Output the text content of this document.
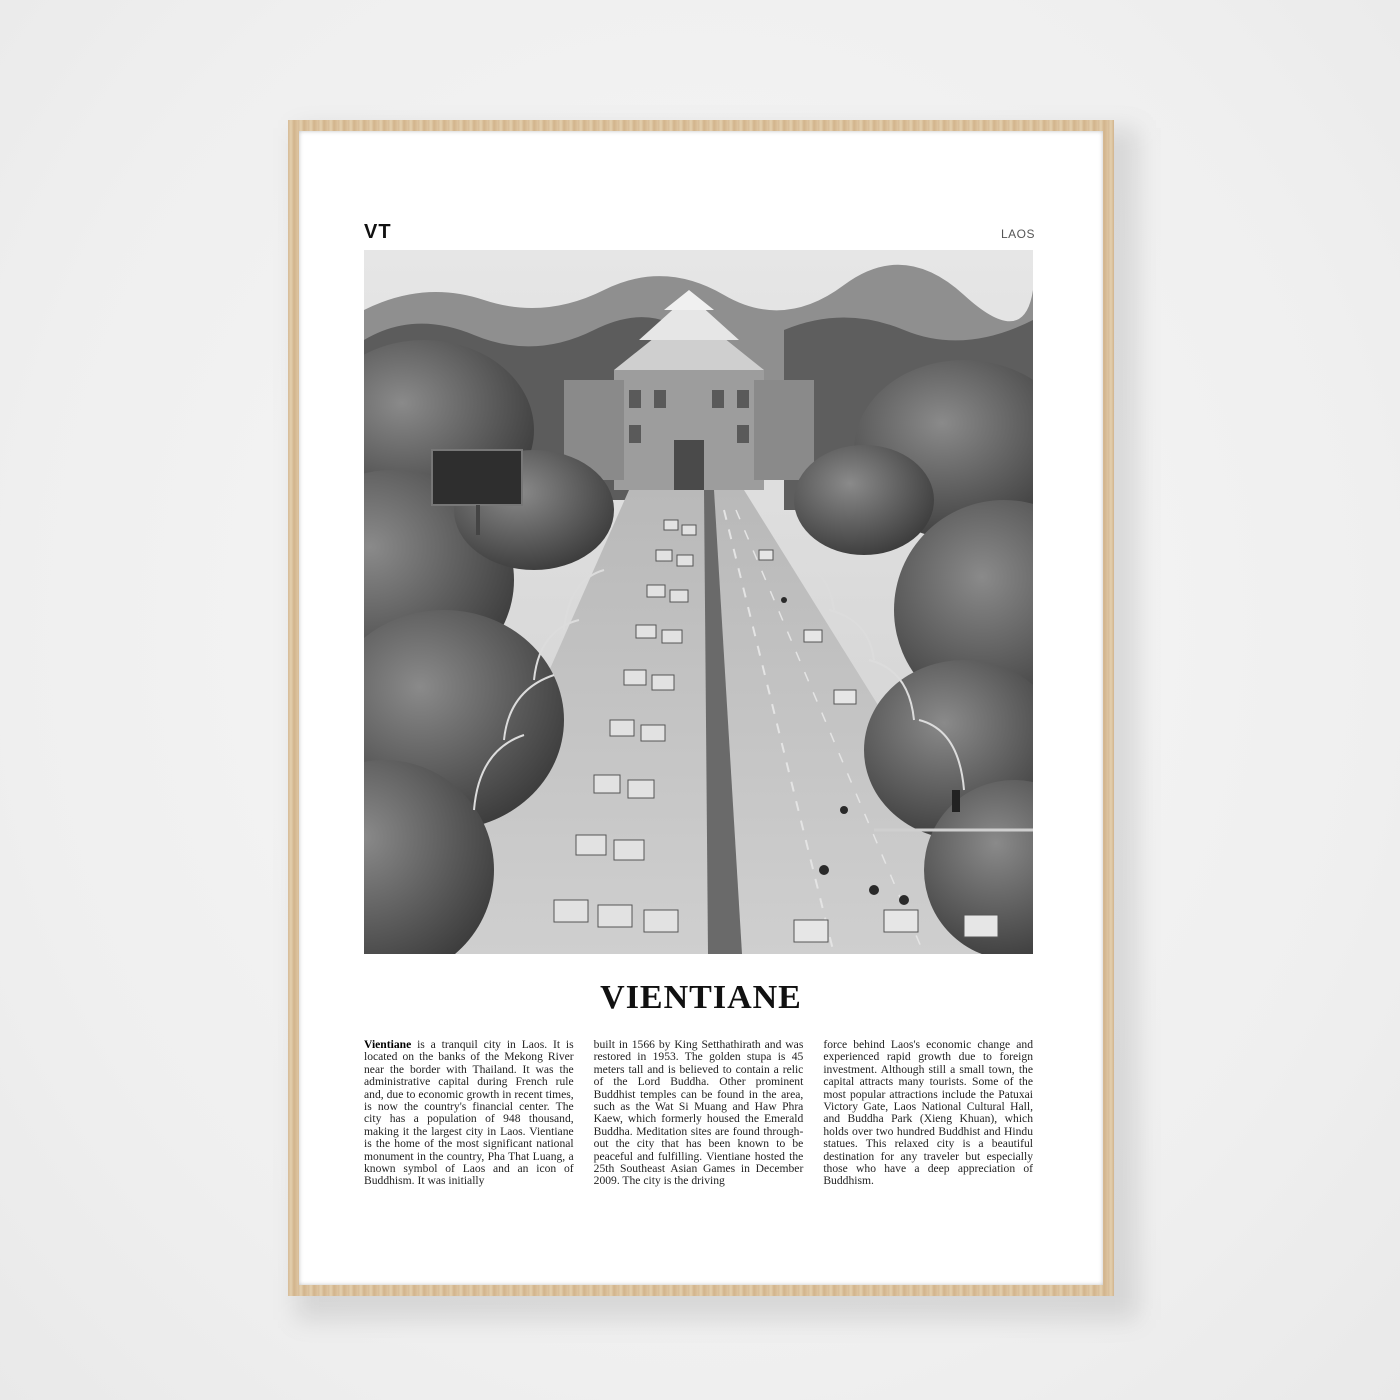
VT	LAOS
VIENTIANE
Vientiane is a tranquil city in Laos. It is located on the banks of the Mekong River near the border with Thailand. It was the administrative capital during French rule and, due to economic growth in recent times, is now the country's financial center. The city has a population of 948 thousand, making it the largest city in Laos. Vientiane is the home of the most significant national monument in the country, Pha That Luang, a known symbol of Laos and an icon of Buddhism. It was initially
built in 1566 by King Setthathirath and was restored in 1953. The golden stupa is 45 meters tall and is believed to contain a relic of the Lord Buddha. Other prominent Buddhist temples can be found in the area, such as the Wat Si Muang and Haw Phra Kaew, which formerly housed the Emerald Buddha. Meditation sites are found through-out the city that has been known to be peaceful and fulfilling. Vientiane hosted the 25th Southeast Asian Games in December 2009. The city is the driving
force behind Laos's economic change and experienced rapid growth due to foreign investment. Although still a small town, the capital attracts many tourists. Some of the most popular attractions include the Patuxai Victory Gate, Laos National Cultural Hall, and Buddha Park (Xieng Khuan), which holds over two hundred Buddhist and Hindu statues. This relaxed city is a beautiful destination for any traveler but especially those who have a deep appreciation of Buddhism.
